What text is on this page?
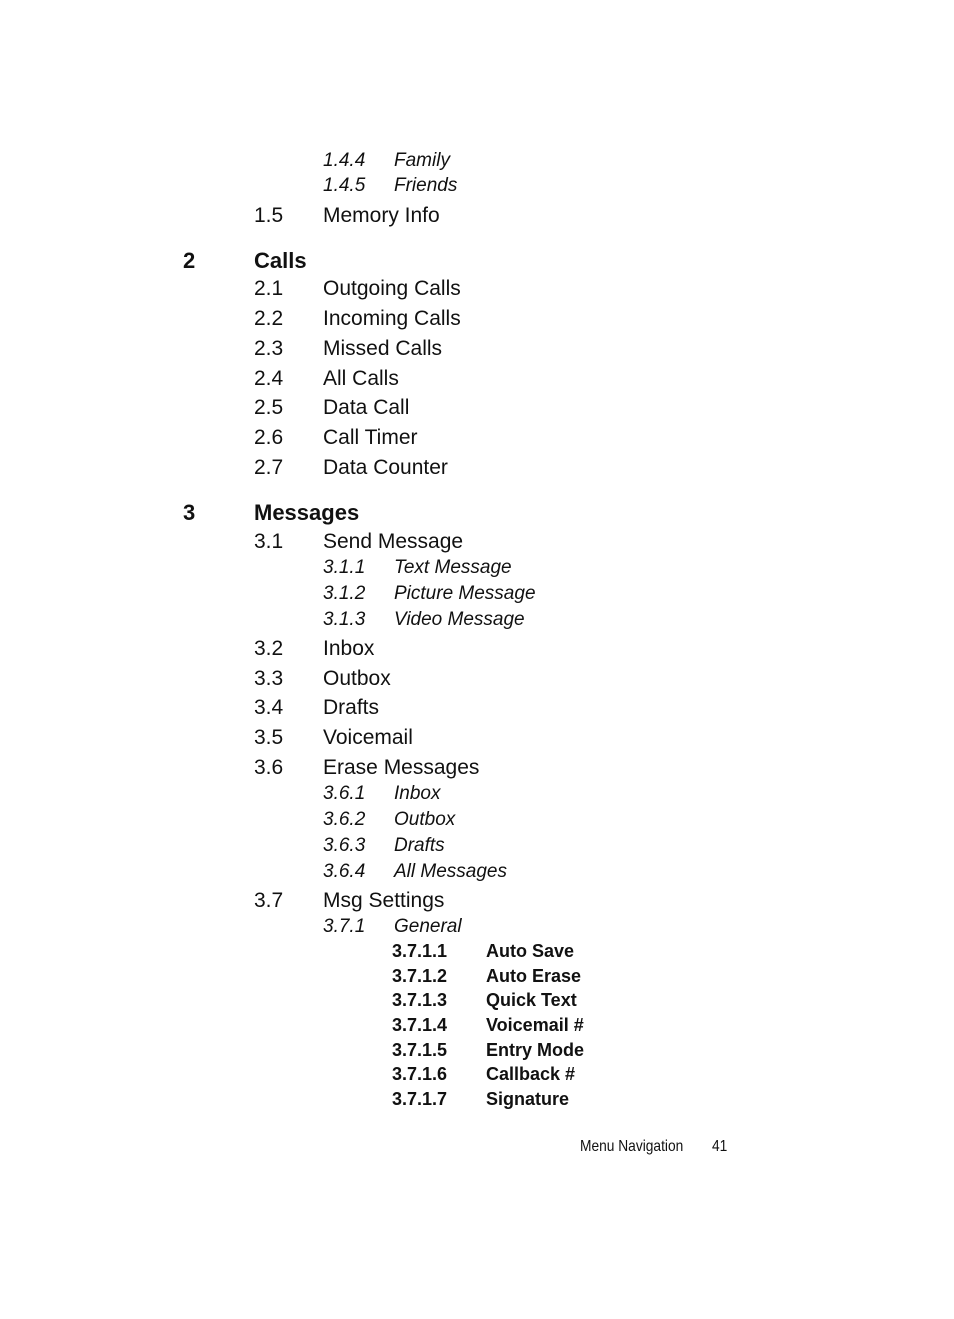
1.4.4 Family
1.4.5 Friends
1.5 Memory Info
2	Calls
2.1 Outgoing Calls
2.2 Incoming Calls
2.3 Missed Calls
2.4 All Calls
2.5 Data Call
2.6 Call Timer
2.7 Data Counter
3	Messages
3.1 Send Message
3.1.1 Text Message
3.1.2 Picture Message
3.1.3 Video Message
3.2 Inbox
3.3 Outbox
3.4 Drafts
3.5 Voicemail
3.6 Erase Messages
3.6.1 Inbox
3.6.2 Outbox
3.6.3 Drafts
3.6.4 All Messages
3.7 Msg Settings
3.7.1 General
3.7.1.1 Auto Save
3.7.1.2 Auto Erase
3.7.1.3 Quick Text
3.7.1.4 Voicemail #
3.7.1.5 Entry Mode
3.7.1.6 Callback #
3.7.1.7 Signature
Menu Navigation 41
